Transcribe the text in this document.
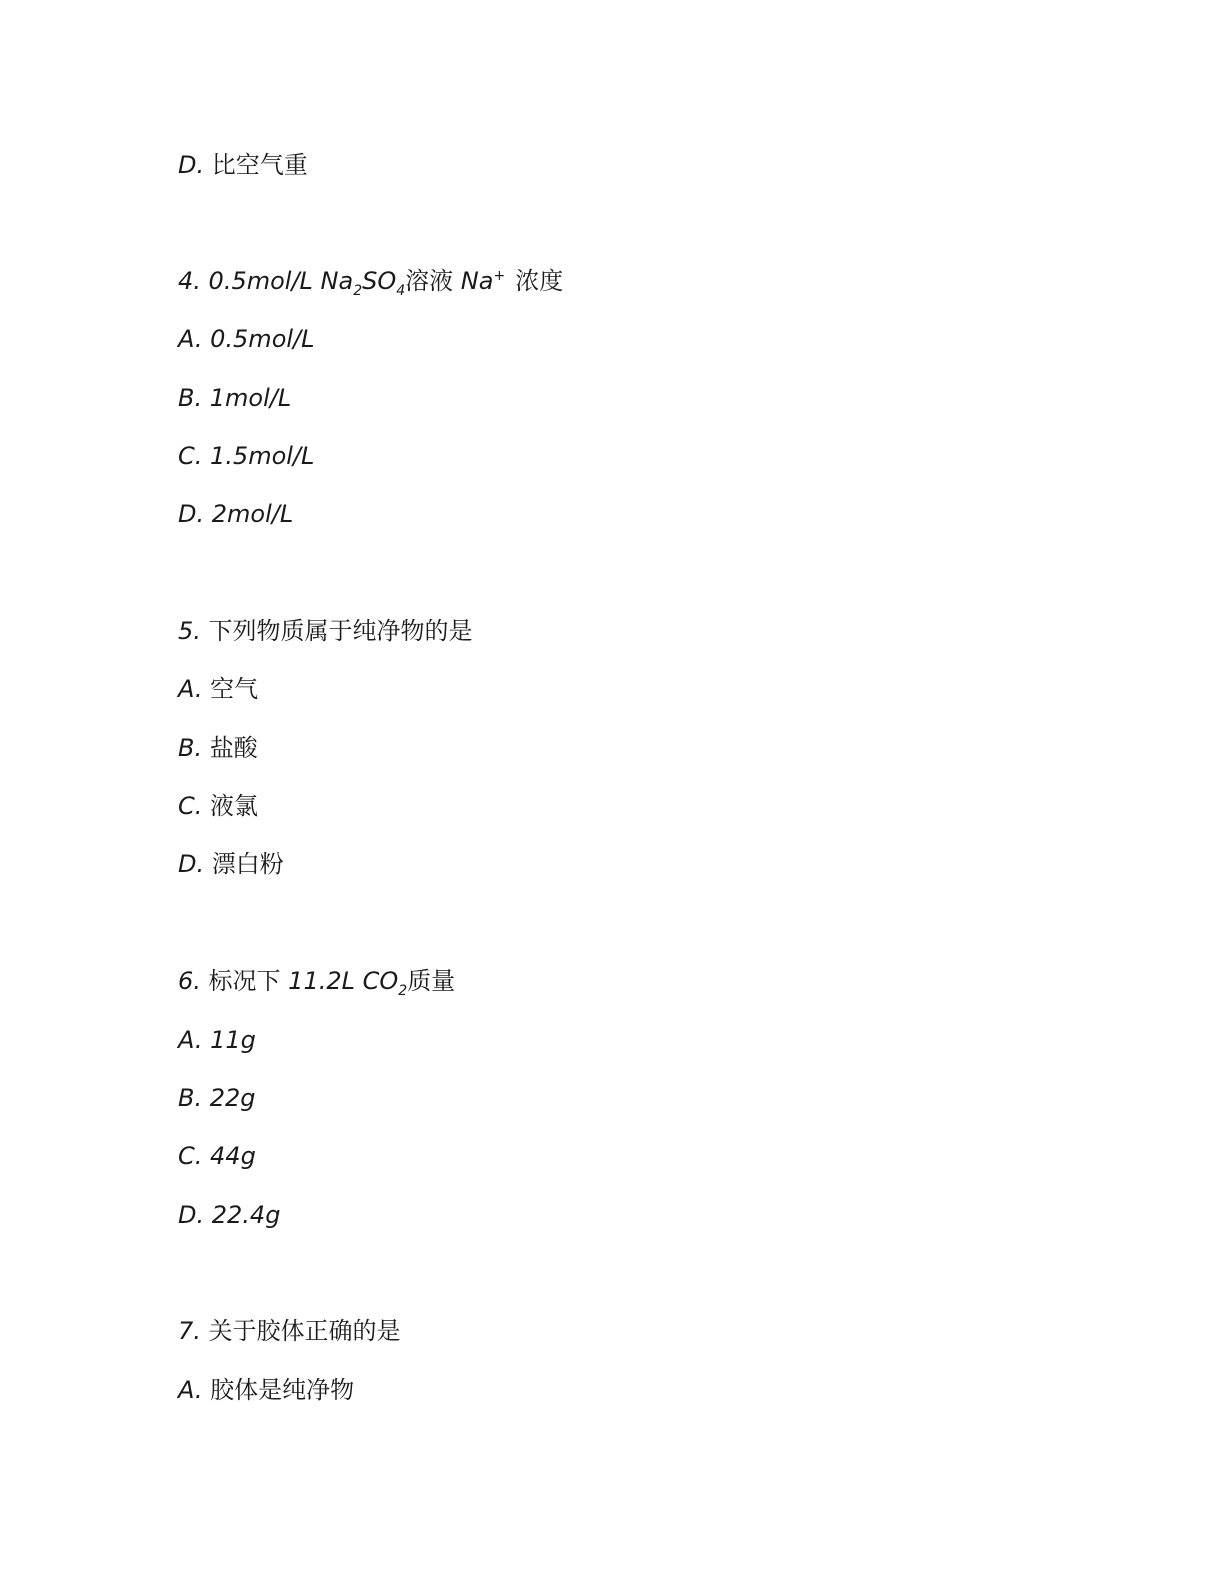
D. 比空气重
4. 0.5mol/L $Na_2SO_4$溶液 Na+ 浓度
A. 0.5mol/L
B. 1mol/L
C. 1.5mol/L
D. 2mol/L
5. 下列物质属于纯净物的是
A. 空气
B. 盐酸
C. 液氯
D. 漂白粉
6. 标况下 11.2L $CO_2$质量
A. 11g
B. 22g
C. 44g
D. 22.4g
7. 关于胶体正确的是
A. 胶体是纯净物
